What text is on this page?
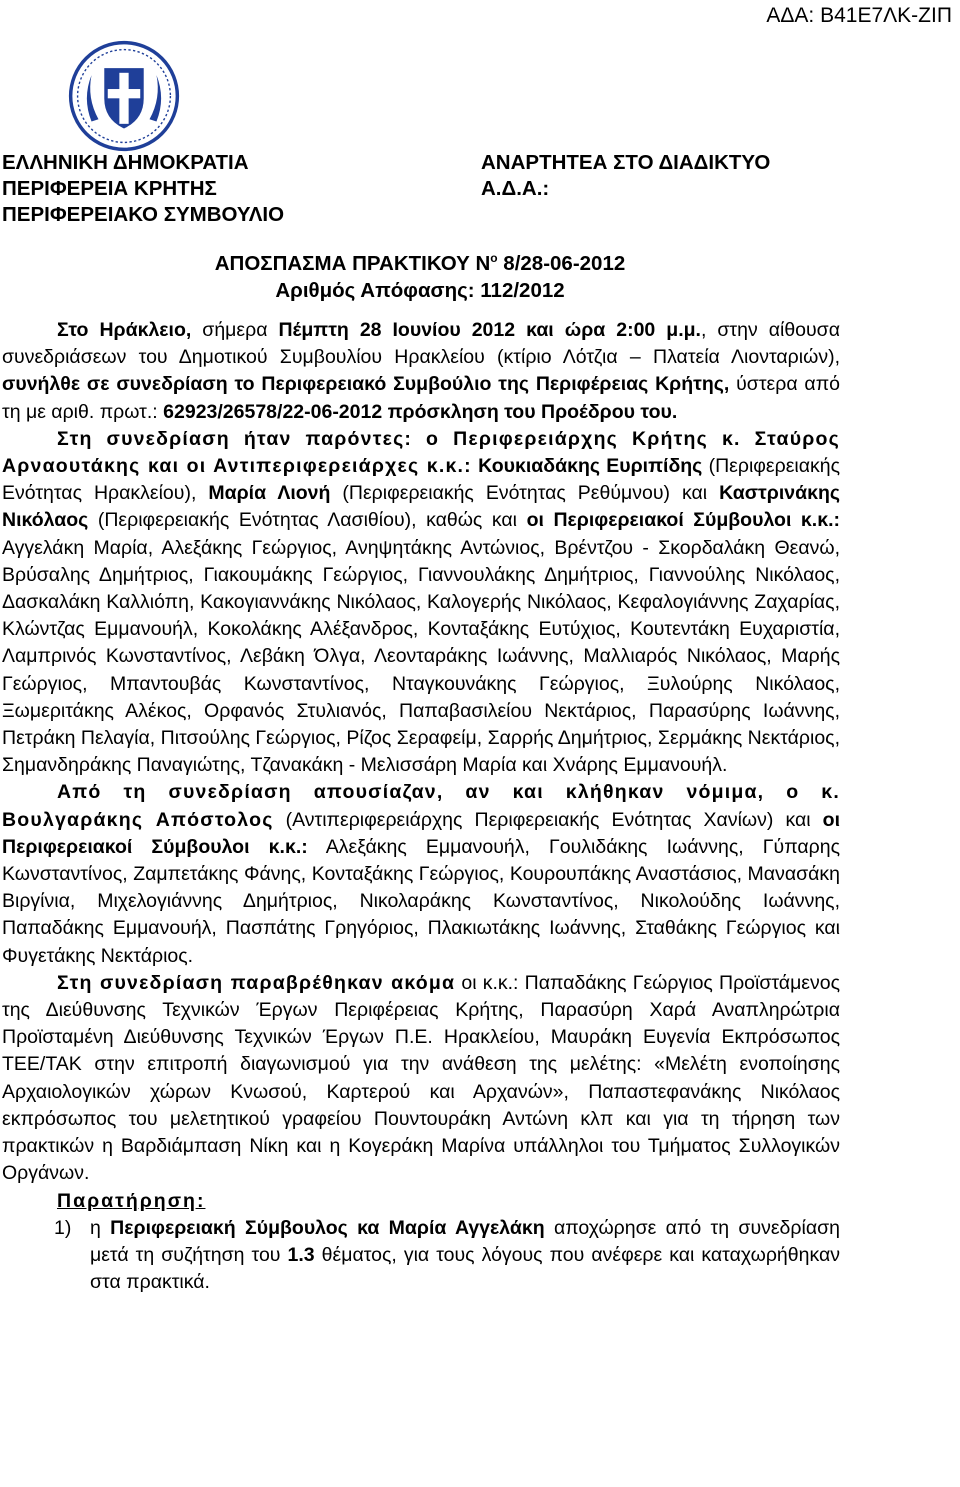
ΑΔΑ: Β41Ε7ΛΚ-ΖΙΠ
ΕΛΛΗΝΙΚΗ ΔΗΜΟΚΡΑΤΙΑ
ΠΕΡΙΦΕΡΕΙΑ ΚΡΗΤΗΣ
ΠΕΡΙΦΕΡΕΙΑΚΟ ΣΥΜΒΟΥΛΙΟ
ΑΝΑΡΤΗΤΕΑ ΣΤΟ ΔΙΑΔΙΚΤΥΟ
Α.Δ.Α.:
ΑΠΟΣΠΑΣΜΑ ΠΡΑΚΤΙΚΟΥ $N^o$ 8/28-06-2012
Αριθμός Απόφασης: 112/2012

Στο Ηράκλειο, σήμερα Πέμπτη 28 Ιουνίου 2012 και ώρα 2:00 μ.μ., στην αίθουσα συνεδριάσεων του Δημοτικού Συμβουλίου Ηρακλείου (κτίριο Λότζια – Πλατεία Λιονταριών), συνήλθε σε συνεδρίαση το Περιφερειακό Συμβούλιο της Περιφέρειας Κρήτης, ύστερα από τη με αριθ. πρωτ.: 62923/26578/22-06-2012 πρόσκληση του Προέδρου του.

Στη συνεδρίαση ήταν παρόντες: ο Περιφερειάρχης Κρήτης κ. Σταύρος Αρναουτάκης και οι Αντιπεριφερειάρχες κ.κ.: Κουκιαδάκης Ευριπίδης (Περιφερειακής Ενότητας Ηρακλείου), Μαρία Λιονή (Περιφερειακής Ενότητας Ρεθύμνου) και Καστρινάκης Νικόλαος (Περιφερειακής Ενότητας Λασιθίου), καθώς και οι Περιφερειακοί Σύμβουλοι κ.κ.: Αγγελάκη Μαρία, Αλεξάκης Γεώργιος, Ανηψητάκης Αντώνιος, Βρέντζου - Σκορδαλάκη Θεανώ, Βρύσαλης Δημήτριος, Γιακουμάκης Γεώργιος, Γιαννουλάκης Δημήτριος, Γιαννούλης Νικόλαος, Δασκαλάκη Καλλιόπη, Κακογιαννάκης Νικόλαος, Καλογερής Νικόλαος, Κεφαλογιάννης Ζαχαρίας, Κλώντζας Εμμανουήλ, Κοκολάκης Αλέξανδρος, Κονταξάκης Ευτύχιος, Κουτεντάκη Ευχαριστία, Λαμπρινός Κωνσταντίνος, Λεβάκη Όλγα, Λεονταράκης Ιωάννης, Μαλλιαρός Νικόλαος, Μαρής Γεώργιος, Μπαντουβάς Κωνσταντίνος, Νταγκουνάκης Γεώργιος, Ξυλούρης Νικόλαος, Ξωμεριτάκης Αλέκος, Ορφανός Στυλιανός, Παπαβασιλείου Νεκτάριος, Παρασύρης Ιωάννης, Πετράκη Πελαγία, Πιτσούλης Γεώργιος, Ρίζος Σεραφείμ, Σαρρής Δημήτριος, Σερμάκης Νεκτάριος, Σημανδηράκης Παναγιώτης, Τζανακάκη - Μελισσάρη Μαρία και Χνάρης Εμμανουήλ.

Από τη συνεδρίαση απουσίαζαν, αν και κλήθηκαν νόμιμα, ο κ. Βουλγαράκης Απόστολος (Αντιπεριφερειάρχης Περιφερειακής Ενότητας Χανίων) και οι Περιφερειακοί Σύμβουλοι κ.κ.: Αλεξάκης Εμμανουήλ, Γουλιδάκης Ιωάννης, Γύπαρης Κωνσταντίνος, Ζαμπετάκης Φάνης, Κονταξάκης Γεώργιος, Κουρουπάκης Αναστάσιος, Μανασάκη Βιργίνια, Μιχελογιάννης Δημήτριος, Νικολαράκης Κωνσταντίνος, Νικολούδης Ιωάννης, Παπαδάκης Εμμανουήλ, Πασπάτης Γρηγόριος, Πλακιωτάκης Ιωάννης, Σταθάκης Γεώργιος και Φυγετάκης Νεκτάριος.

Στη συνεδρίαση παραβρέθηκαν ακόμα οι κ.κ.: Παπαδάκης Γεώργιος Προϊστάμενος της Διεύθυνσης Τεχνικών Έργων Περιφέρειας Κρήτης, Παρασύρη Χαρά Αναπληρώτρια Προϊσταμένη Διεύθυνσης Τεχνικών Έργων Π.Ε. Ηρακλείου, Μαυράκη Ευγενία Εκπρόσωπος ΤΕΕ/ΤΑΚ στην επιτροπή διαγωνισμού για την ανάθεση της μελέτης: «Μελέτη ενοποίησης Αρχαιολογικών χώρων Κνωσού, Καρτερού και Αρχανών», Παπαστεφανάκης Νικόλαος εκπρόσωπος του μελετητικού γραφείου Πουντουράκη Αντώνη κλπ και για τη τήρηση των πρακτικών η Βαρδιάμπαση Νίκη και η Κογεράκη Μαρίνα υπάλληλοι του Τμήματος Συλλογικών Οργάνων.

Παρατήρηση:

1) η Περιφερειακή Σύμβουλος κα Μαρία Αγγελάκη αποχώρησε από τη συνεδρίαση μετά τη συζήτηση του 1.3 θέματος, για τους λόγους που ανέφερε και καταχωρήθηκαν στα πρακτικά.
